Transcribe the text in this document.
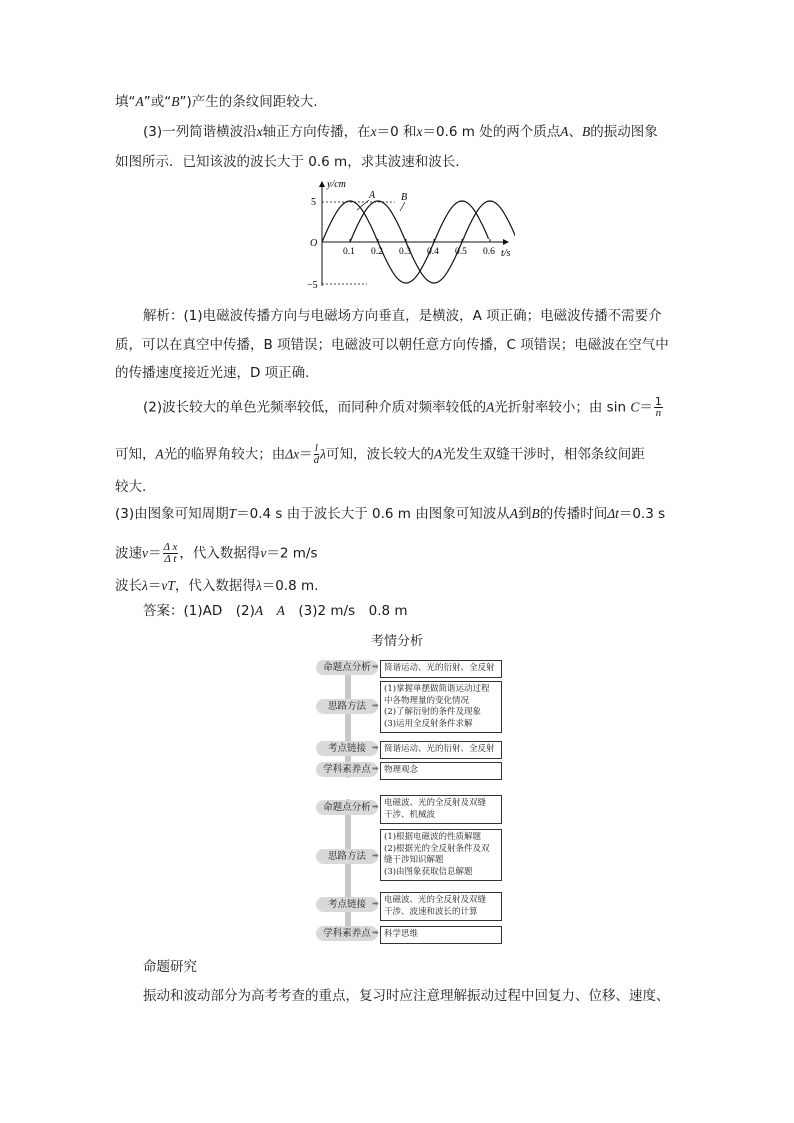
填“A”或“B”)产生的条纹间距较大.
(3)一列简谐横波沿x轴正方向传播，在x＝0 和x＝0.6 m 处的两个质点A、B的振动图象
如图所示．已知该波的波长大于 0.6 m，求其波速和波长.
y/cm
t/s
O
5
−5
A	B
0.1 0.2 0.3 0.4 0.5 0.6
解析：(1)电磁波传播方向与电磁场方向垂直，是横波，A 项正确；电磁波传播不需要介
质，可以在真空中传播，B 项错误；电磁波可以朝任意方向传播，C 项错误；电磁波在空气中
的传播速度接近光速，D 项正确.
(2)波长较大的单色光频率较低，而同种介质对频率较低的A光折射率较小；由 $\sin C= \frac{1}{n}$
可知，A光的临界角较大；由$\Delta x= \frac{l}{d}$ λ可知，波长较大的A光发生双缝干涉时，相邻条纹间距
较大.
(3)由图象可知周期T＝0.4 s 由于波长大于 0.6 m 由图象可知波从A到B的传播时间Δt＝0.3 s
波速$v= \frac{\text{Δ x}}{\text{Δ t}}$ ，代入数据得v＝2 m/s
波长λ＝vT，代入数据得λ＝0.8 m.
答案：(1)AD　(2)A　 A　(3)2 m/s　0.8 m
考情分析
命题点分析 ➡ 简谐运动、光的衍射、全反射
思路方法 ➡
(1)掌握单摆做简谐运动过程
中各物理量的变化情况
(2)了解衍射的条件及现象
(3)运用全反射条件求解
考点链接 ➡ 简谐运动、光的衍射、全反射
学科素养点 ➡ 物理观念
命题点分析 ➡ 电磁波、光的全反射及双缝
干涉、机械波
思路方法 ➡
(1)根据电磁波的性质解题
(2)根据光的全反射条件及双
缝干涉知识解题
(3)由图象获取信息解题
考点链接 ➡ 电磁波、光的全反射及双缝
干涉、波速和波长的计算
学科素养点 ➡ 科学思维
命题研究
振动和波动部分为高考考查的重点，复习时应注意理解振动过程中回复力、位移、速度、
